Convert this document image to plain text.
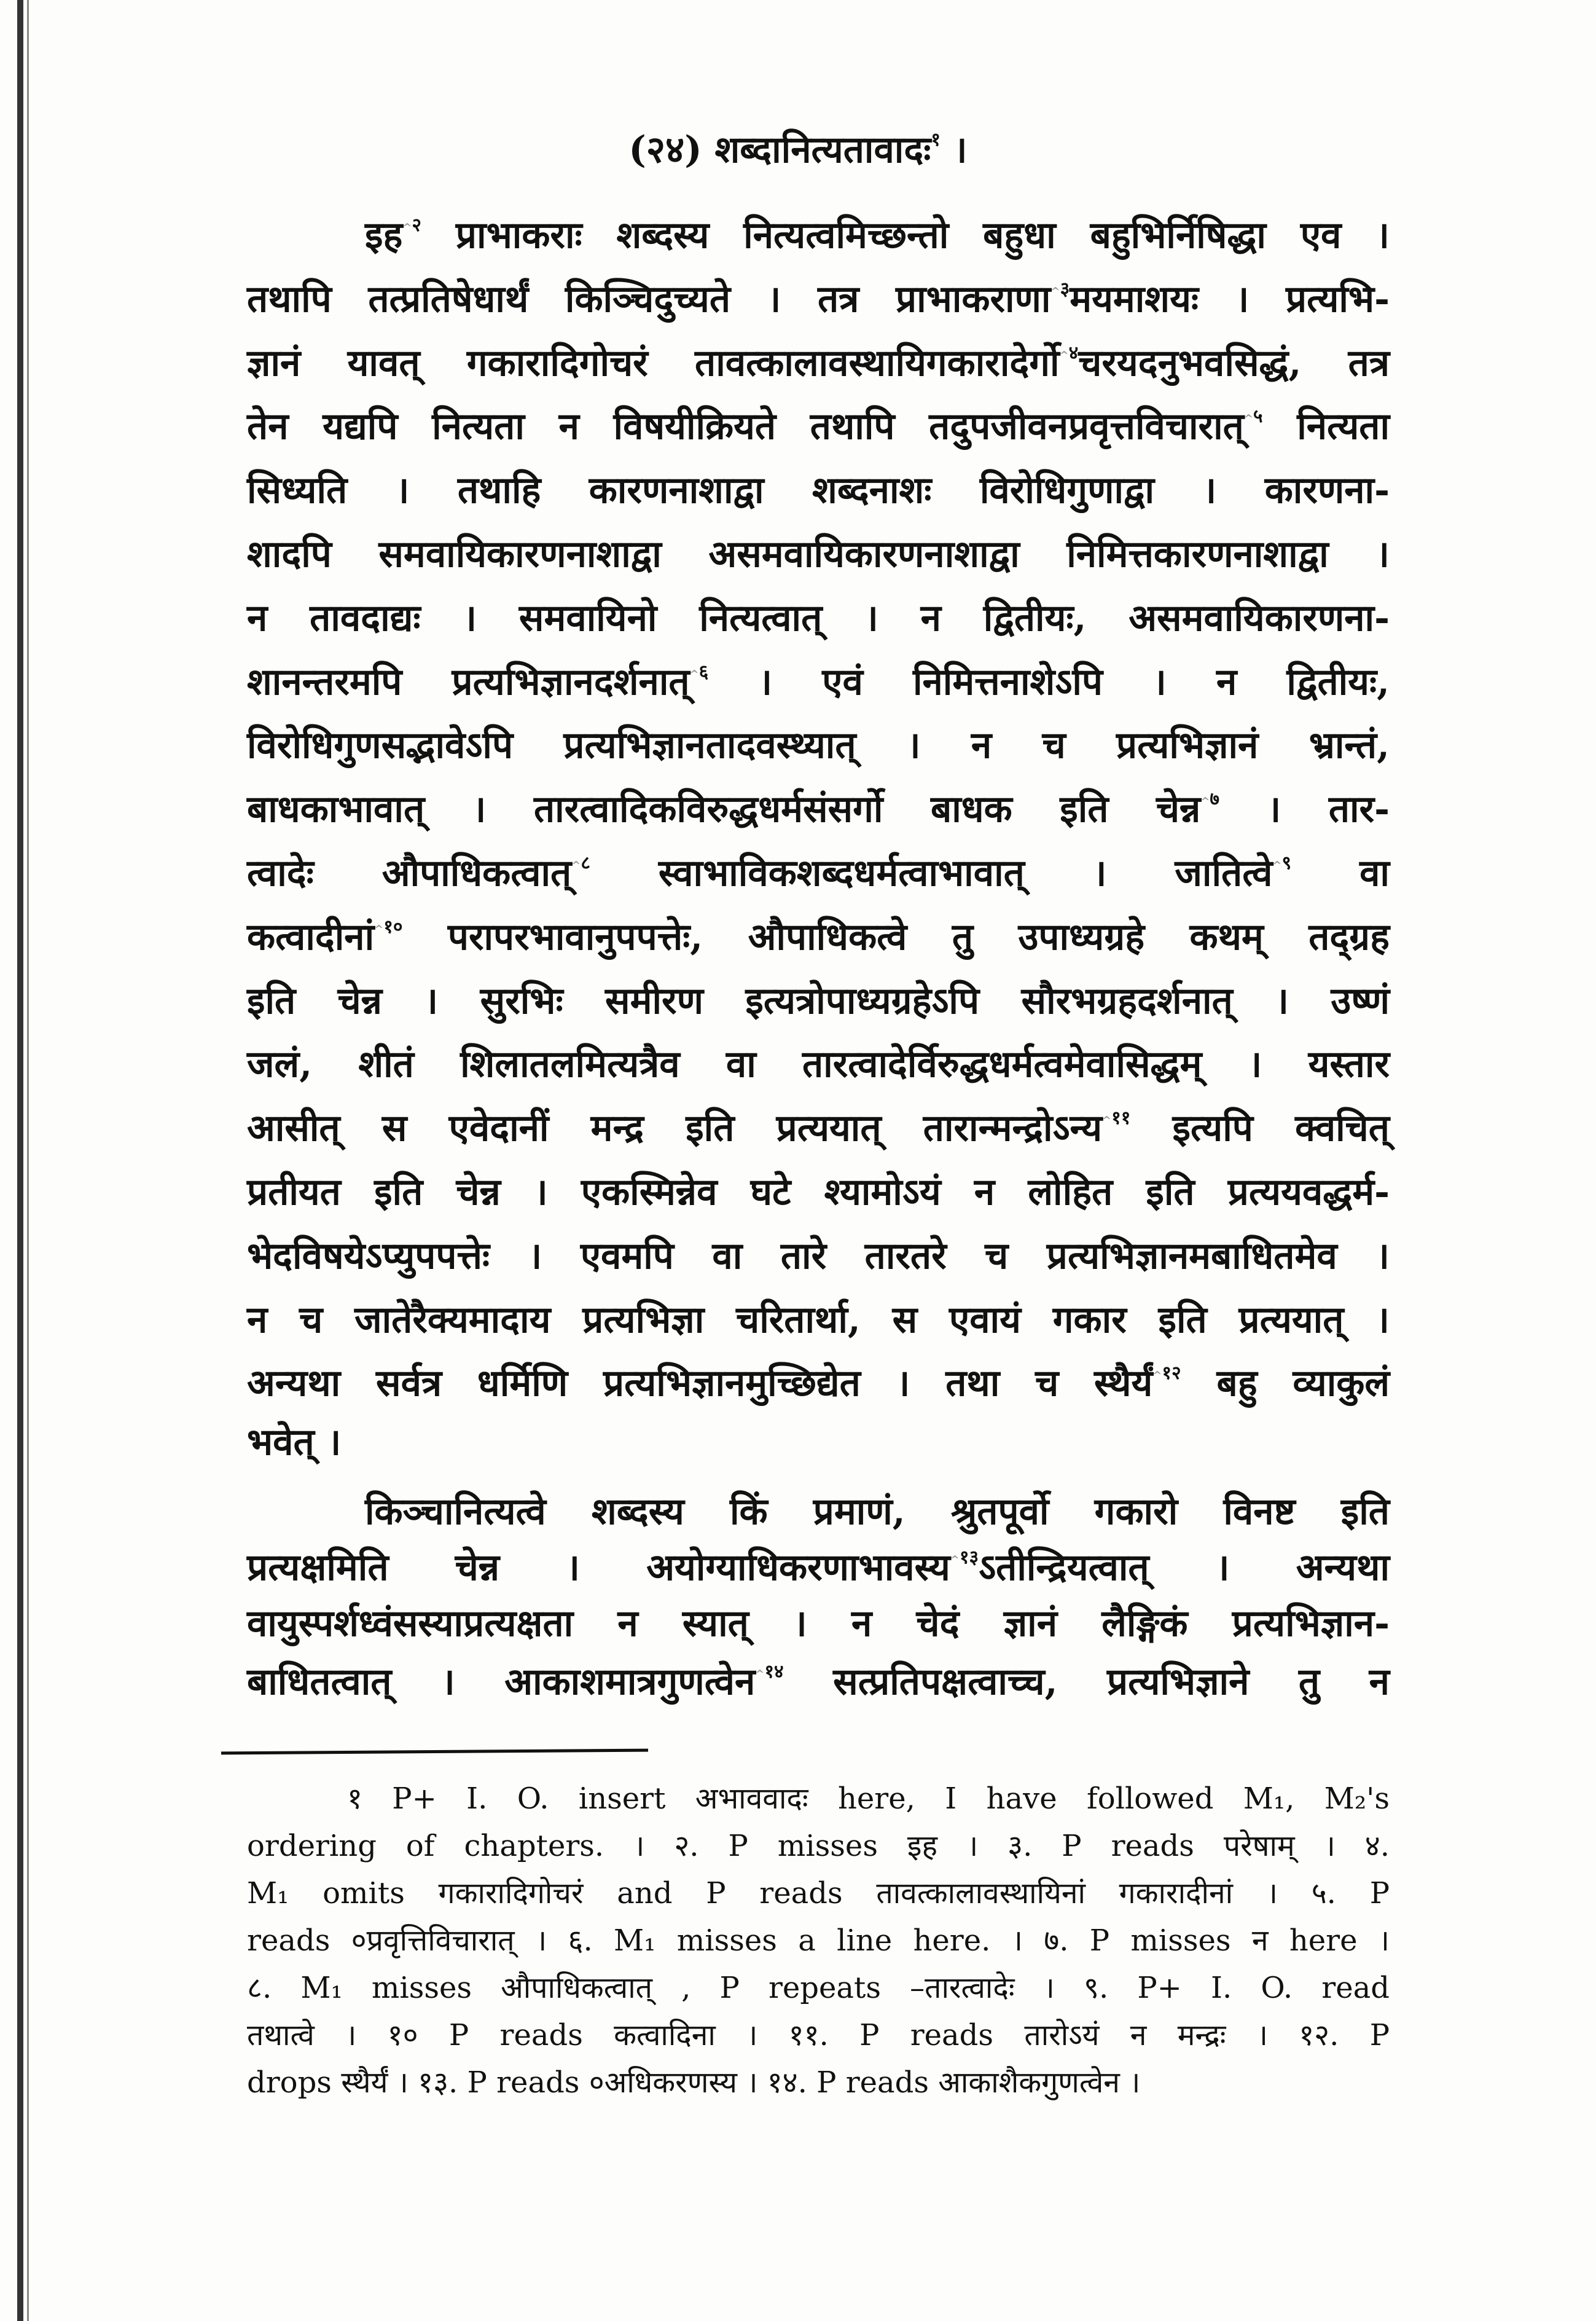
(२४) शब्दानित्यतावादः$^१$ ।
इह$^{\^{}२}$ प्राभाकराः शब्दस्य नित्यत्वमिच्छन्तो बहुधा बहुभिर्निषिद्धा एव ।
तथापि तत्प्रतिषेधार्थं किञ्चिदुच्यते । तत्र प्राभाकराणा$^{\^{}३}$मयमाशयः । प्रत्यभि-
ज्ञानं यावत् गकारादिगोचरं तावत्कालावस्थायिगकारादेर्गो$^{\^{}४}$चरयदनुभवसिद्धं, तत्र
तेन यद्यपि नित्यता न विषयीक्रियते तथापि तदुपजीवनप्रवृत्तविचारात्$^{\^{}५}$ नित्यता
सिध्यति । तथाहि कारणनाशाद्वा शब्दनाशः विरोधिगुणाद्वा । कारणना-
शादपि समवायिकारणनाशाद्वा असमवायिकारणनाशाद्वा निमित्तकारणनाशाद्वा ।
न तावदाद्यः । समवायिनो नित्यत्वात् । न द्वितीयः, असमवायिकारणना-
शानन्तरमपि प्रत्यभिज्ञानदर्शनात्$^{\^{}६}$ । एवं निमित्तनाशेऽपि । न द्वितीयः,
विरोधिगुणसद्भावेऽपि प्रत्यभिज्ञानतादवस्थ्यात् । न च प्रत्यभिज्ञानं भ्रान्तं,
बाधकाभावात् । तारत्वादिकविरुद्धधर्मसंसर्गो बाधक इति चेन्न$^{\^{}७}$ । तार-
त्वादेः औपाधिकत्वात्$^{\^{}८}$ स्वाभाविकशब्दधर्मत्वाभावात् । जातित्वे$^{\^{}९}$ वा
कत्वादीनां$^{\^{}१०}$ परापरभावानुपपत्तेः, औपाधिकत्वे तु उपाध्यग्रहे कथम् तद्ग्रह
इति चेन्न । सुरभिः समीरण इत्यत्रोपाध्यग्रहेऽपि सौरभग्रहदर्शनात् । उष्णं
जलं, शीतं शिलातलमित्यत्रैव वा तारत्वादेर्विरुद्धधर्मत्वमेवासिद्धम् । यस्तार
आसीत् स एवेदानीं मन्द्र इति प्रत्ययात् तारान्मन्द्रोऽन्य$^{\^{}११}$ इत्यपि क्वचित्
प्रतीयत इति चेन्न । एकस्मिन्नेव घटे श्यामोऽयं न लोहित इति प्रत्ययवद्धर्म-
भेदविषयेऽप्युपपत्तेः । एवमपि वा तारे तारतरे च प्रत्यभिज्ञानमबाधितमेव ।
न च जातेरैक्यमादाय प्रत्यभिज्ञा चरितार्था, स एवायं गकार इति प्रत्ययात् ।
अन्यथा सर्वत्र धर्मिणि प्रत्यभिज्ञानमुच्छिद्येत । तथा च स्थैर्यं$^{\^{}१२}$ बहु व्याकुलं
भवेत् ।
किञ्चानित्यत्वे शब्दस्य किं प्रमाणं, श्रुतपूर्वो गकारो विनष्ट इति
प्रत्यक्षमिति चेन्न । अयोग्याधिकरणाभावस्य$^{\^{}१३}$ऽतीन्द्रियत्वात् । अन्यथा
वायुस्पर्शध्वंसस्याप्रत्यक्षता न स्यात् । न चेदं ज्ञानं लैङ्गिकं प्रत्यभिज्ञान-
बाधितत्वात् । आकाशमात्रगुणत्वेन$^{\^{}१४}$ सत्प्रतिपक्षत्वाच्च, प्रत्यभिज्ञाने तु न
१ P+ I. O. insert अभाववादः here, I have followed M₁, M₂'s
ordering of chapters. । २. P misses इह । ३. P reads परेषाम् । ४.
M₁ omits गकारादिगोचरं and P reads तावत्कालावस्थायिनां गकारादीनां । ५. P
reads ०प्रवृत्तिविचारात् । ६. M₁ misses a line here. । ७. P misses न here ।
८. M₁ misses औपाधिकत्वात् , P repeats –तारत्वादेः । ९. P+ I. O. read
तथात्वे । १० P reads कत्वादिना । ११. P reads तारोऽयं न मन्द्रः । १२. P
drops स्थैर्यं । १३. P reads ०अधिकरणस्य । १४. P reads आकाशैकगुणत्वेन ।
